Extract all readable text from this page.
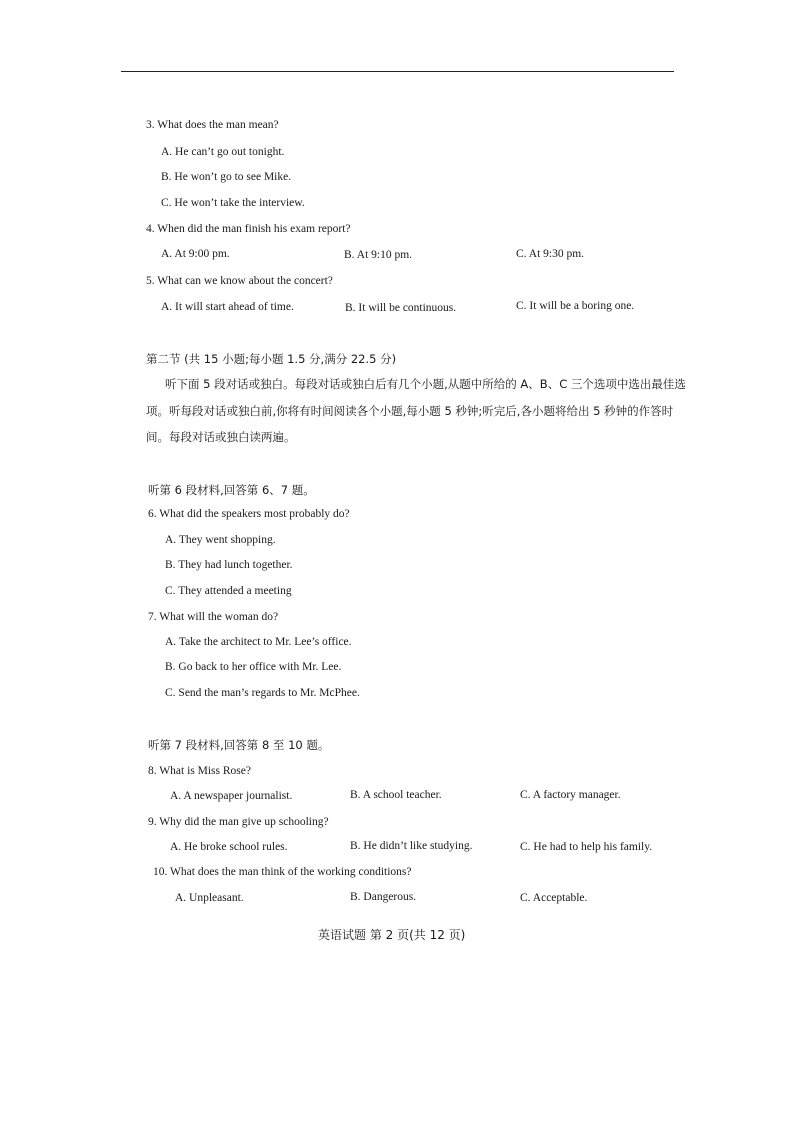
3. What does the man mean?
A. He can’t go out tonight.
B. He won’t go to see Mike.
C. He won’t take the interview.
4. When did the man finish his exam report?
A. At 9:00 pm.	B. At 9:10 pm.	C. At 9:30 pm.
5. What can we know about the concert?
A. It will start ahead of time.	B. It will be continuous.	C. It will be a boring one.
第二节 (共 15 小题;每小题 1.5 分,满分 22.5 分)
听下面 5 段对话或独白。每段对话或独白后有几个小题,从题中所给的 A、B、C 三个选项中选出最佳选
项。听每段对话或独白前,你将有时间阅读各个小题,每小题 5 秒钟;听完后,各小题将给出 5 秒钟的作答时
间。每段对话或独白读两遍。
听第 6 段材料,回答第 6、7 题。
6. What did the speakers most probably do?
A. They went shopping.
B. They had lunch together.
C. They attended a meeting
7. What will the woman do?
A. Take the architect to Mr. Lee’s office.
B. Go back to her office with Mr. Lee.
C. Send the man’s regards to Mr. McPhee.
听第 7 段材料,回答第 8 至 10 题。
8. What is Miss Rose?
A. A newspaper journalist.	B. A school teacher.	C. A factory manager.
9. Why did the man give up schooling?
A. He broke school rules.	B. He didn’t like studying.	C. He had to help his family.
10. What does the man think of the working conditions?
A. Unpleasant.	B. Dangerous.	C. Acceptable.
英语试题 第 2 页(共 12 页)
